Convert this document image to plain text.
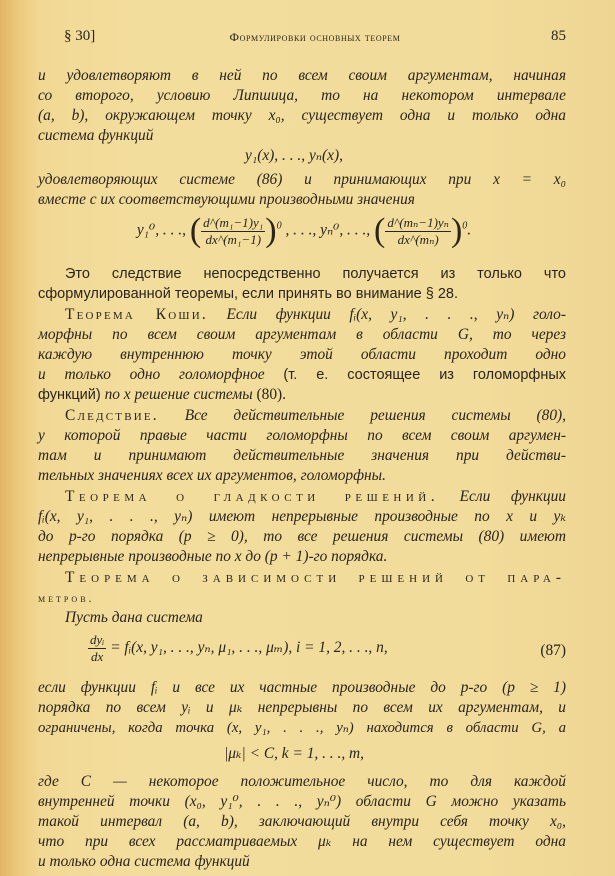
§ 30]	Формулировки основных теорем	85
и удовлетворяют в ней по всем своим аргументам, начиная
со второго, условию Липшица, то на некотором интервале
(a, b), окружающем точку x₀, существует одна и только одна
система функций
y₁(x), . . ., yₙ(x),
удовлетворяющих системе (86) и принимающих при x = x₀
вместе с их соответствующими производными значения
y₁⁰, . . ., ( $\frac{\text{d\textasciicircum{}(m₁−1)y₁}}{\text{dx\textasciicircum{}(m₁−1)}} )^0$ , . . ., yₙ⁰, . . ., ( $\frac{\text{d\textasciicircum{}(mₙ−1)yₙ}}{\text{dx\textasciicircum{}(mₙ)}} )^0$.
Это следствие непосредственно получается из только что
сформулированной теоремы, если принять во внимание § 28.
Теорема Коши. Если функции fᵢ(x, y₁, . . ., yₙ) голо-
морфны по всем своим аргументам в области G, то через
каждую внутреннюю точку этой области проходит одно
и только одно голоморфное (т. е. состоящее из голоморфных
функций) по x решение системы (80).
Следствие. Все действительные решения системы (80),
у которой правые части голоморфны по всем своим аргумен-
там и принимают действительные значения при действи-
тельных значениях всех их аргументов, голоморфны.
Теорема о гладкости решений. Если функции
fᵢ(x, y₁, . . ., yₙ) имеют непрерывные производные по x и yₖ
до p-го порядка (p ≥ 0), то все решения системы (80) имеют
непрерывные производные по x до (p + 1)-го порядка.
Теорема о зависимости решений от пара-
метров.
Пусть дана система
$\frac{\text{dyᵢ}}{dx}$ = fᵢ(x, y₁, . . ., yₙ, μ₁, . . ., μₘ), i = 1, 2, . . ., n,	(87)
если функции fᵢ и все их частные производные до p-го (p ≥ 1)
порядка по всем yᵢ и μₖ непрерывны по всем их аргументам, и
ограничены, когда точка (x, y₁, . . ., yₙ) находится в области G, а
|μₖ| < C, k = 1, . . ., m,
где C — некоторое положительное число, то для каждой
внутренней точки (x₀, y₁⁰, . . ., yₙ⁰) области G можно указать
такой интервал (a, b), заключающий внутри себя точку x₀,
что при всех рассматриваемых μₖ на нем существует одна
и только одна система функций
